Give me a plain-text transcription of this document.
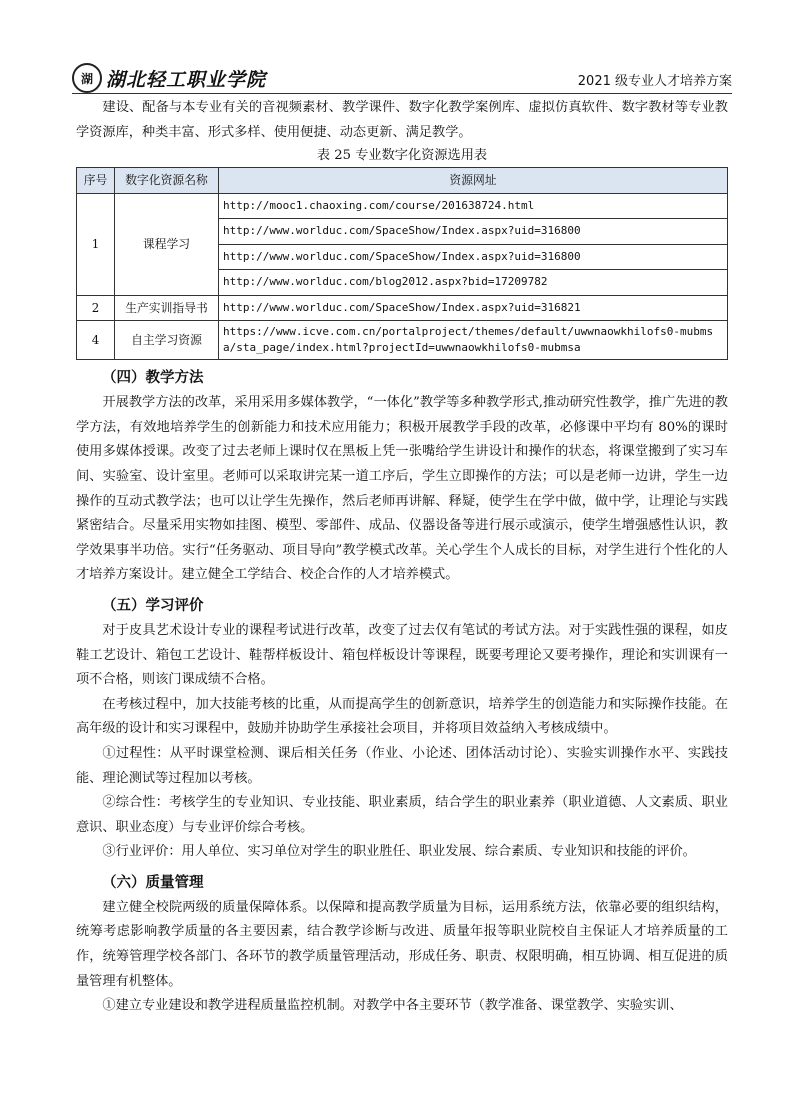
湖 湖北轻工职业学院	2021 级专业人才培养方案

建设、配备与本专业有关的音视频素材、教学课件、数字化教学案例库、虚拟仿真软件、数字教材等专业教学资源库，种类丰富、形式多样、使用便捷、动态更新、满足教学。

表 25 专业数字化资源选用表
序号	数字化资源名称	资源网址
1	课程学习	http://mooc1.chaoxing.com/course/201638724.html
		http://www.worlduc.com/SpaceShow/Index.aspx?uid=316800
		http://www.worlduc.com/SpaceShow/Index.aspx?uid=316800
		http://www.worlduc.com/blog2012.aspx?bid=17209782
2	生产实训指导书	http://www.worlduc.com/SpaceShow/Index.aspx?uid=316821
4	自主学习资源	https://www.icve.com.cn/portalproject/themes/default/uwwnaowkhilofs0-mubmsa/sta_page/index.html?projectId=uwwnaowkhilofs0-mubmsa
（四）教学方法

开展教学方法的改革，采用采用多媒体教学，“一体化”教学等多种教学形式,推动研究性教学，推广先进的教学方法，有效地培养学生的创新能力和技术应用能力；积极开展教学手段的改革，必修课中平均有 80%的课时使用多媒体授课。改变了过去老师上课时仅在黑板上凭一张嘴给学生讲设计和操作的状态，将课堂搬到了实习车间、实验室、设计室里。老师可以采取讲完某一道工序后，学生立即操作的方法；可以是老师一边讲，学生一边操作的互动式教学法；也可以让学生先操作，然后老师再讲解、释疑，使学生在学中做，做中学，让理论与实践紧密结合。尽量采用实物如挂图、模型、零部件、成品、仪器设备等进行展示或演示，使学生增强感性认识，教学效果事半功倍。实行“任务驱动、项目导向”教学模式改革。关心学生个人成长的目标，对学生进行个性化的人才培养方案设计。建立健全工学结合、校企合作的人才培养模式。

（五）学习评价

对于皮具艺术设计专业的课程考试进行改革，改变了过去仅有笔试的考试方法。对于实践性强的课程，如皮鞋工艺设计、箱包工艺设计、鞋帮样板设计、箱包样板设计等课程，既要考理论又要考操作，理论和实训课有一项不合格，则该门课成绩不合格。

在考核过程中，加大技能考核的比重，从而提高学生的创新意识，培养学生的创造能力和实际操作技能。在高年级的设计和实习课程中，鼓励并协助学生承接社会项目，并将项目效益纳入考核成绩中。

①过程性：从平时课堂检测、课后相关任务（作业、小论述、团体活动讨论）、实验实训操作水平、实践技能、理论测试等过程加以考核。

②综合性：考核学生的专业知识、专业技能、职业素质，结合学生的职业素养（职业道德、人文素质、职业意识、职业态度）与专业评价综合考核。

③行业评价：用人单位、实习单位对学生的职业胜任、职业发展、综合素质、专业知识和技能的评价。

（六）质量管理

建立健全校院两级的质量保障体系。以保障和提高教学质量为目标，运用系统方法，依靠必要的组织结构，统筹考虑影响教学质量的各主要因素，结合教学诊断与改进、质量年报等职业院校自主保证人才培养质量的工作，统筹管理学校各部门、各环节的教学质量管理活动，形成任务、职责、权限明确，相互协调、相互促进的质量管理有机整体。

①建立专业建设和教学进程质量监控机制。对教学中各主要环节（教学准备、课堂教学、实验实训、
